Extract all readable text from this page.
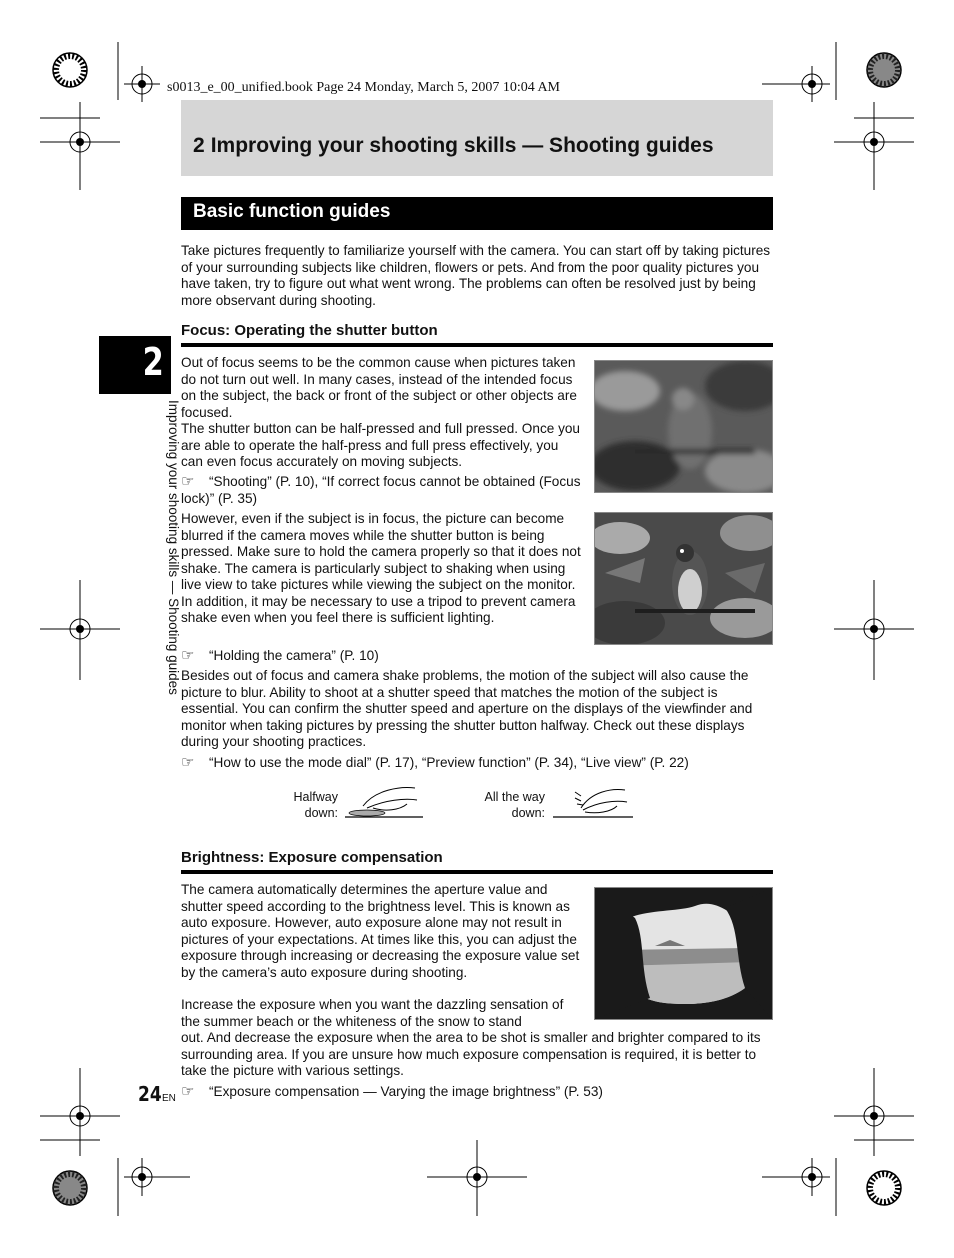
s0013_e_00_unified.book Page 24 Monday, March 5, 2007 10:04 AM
2 Improving your shooting skills — Shooting guides
Basic function guides
Take pictures frequently to familiarize yourself with the camera. You can start off by taking pictures of your surrounding subjects like children, flowers or pets. And from the poor quality pictures you have taken, try to figure out what went wrong. The problems can often be resolved just by being more observant during shooting.
Focus: Operating the shutter button
Out of focus seems to be the common cause when pictures taken do not turn out well. In many cases, instead of the intended focus on the subject, the back or front of the subject or other objects are focused.
The shutter button can be half-pressed and full pressed. Once you are able to operate the half-press and full press effectively, you can even focus accurately on moving subjects.
☞ “Shooting” (P. 10), “If correct focus cannot be obtained (Focus lock)” (P. 35)
However, even if the subject is in focus, the picture can become blurred if the camera moves while the shutter button is being pressed. Make sure to hold the camera properly so that it does not shake. The camera is particularly subject to shaking when using live view to take pictures while viewing the subject on the monitor. In addition, it may be necessary to use a tripod to prevent camera shake even when you feel there is sufficient lighting.
☞ “Holding the camera” (P. 10)
Besides out of focus and camera shake problems, the motion of the subject will also cause the picture to blur. Ability to shoot at a shutter speed that matches the motion of the subject is essential. You can confirm the shutter speed and aperture on the displays of the viewfinder and monitor when taking pictures by pressing the shutter button halfway. Check out these displays during your shooting practices.
☞ “How to use the mode dial” (P. 17), “Preview function” (P. 34), “Live view” (P. 22)
Halfway
down:
All the way
down:
Brightness: Exposure compensation
The camera automatically determines the aperture value and shutter speed according to the brightness level. This is known as auto exposure. However, auto exposure alone may not result in pictures of your expectations. At times like this, you can adjust the exposure through increasing or decreasing the exposure value set by the camera’s auto exposure during shooting.
Increase the exposure when you want the dazzling sensation of the summer beach or the whiteness of the snow to stand
out. And decrease the exposure when the area to be shot is smaller and brighter compared to its surrounding area. If you are unsure how much exposure compensation is required, it is better to take the picture with various settings.
☞ “Exposure compensation — Varying the image brightness” (P. 53)
2
Improving your shooting skills — Shooting guides
24 EN
